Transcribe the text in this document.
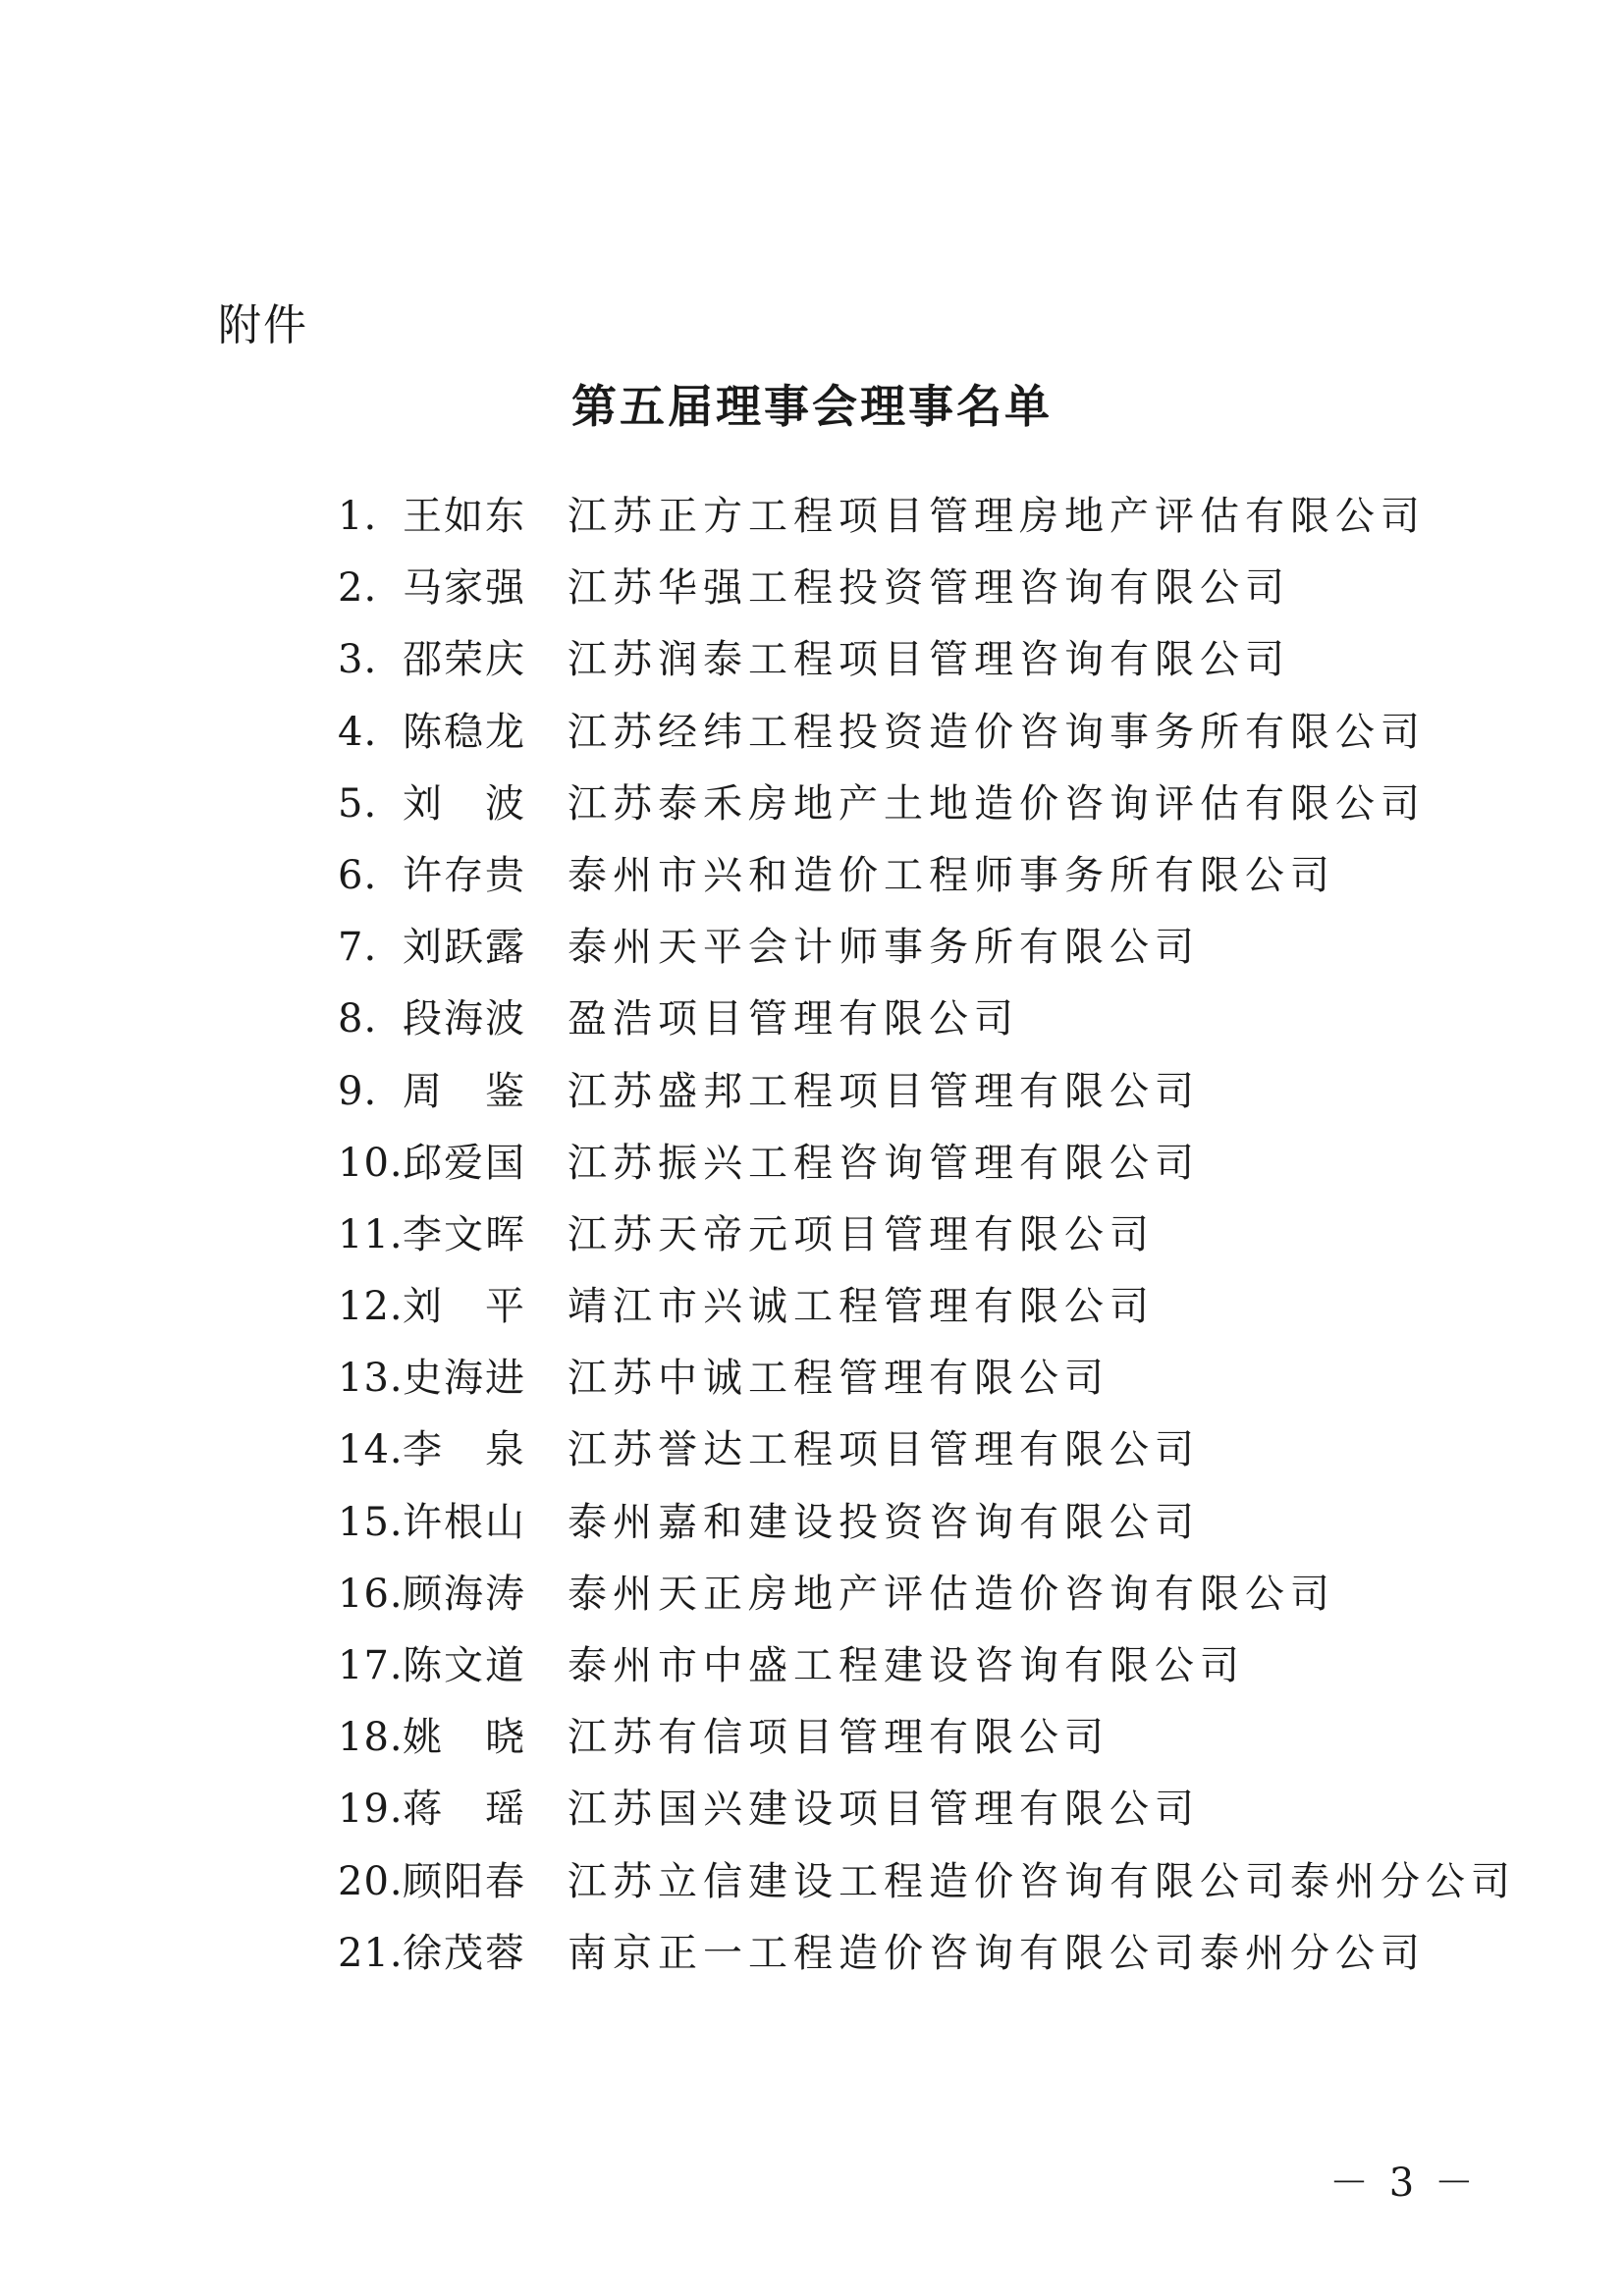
附件

第五届理事会理事名单
1. 王如东 江苏正方工程项目管理房地产评估有限公司
2. 马家强 江苏华强工程投资管理咨询有限公司
3. 邵荣庆 江苏润泰工程项目管理咨询有限公司
4. 陈稳龙 江苏经纬工程投资造价咨询事务所有限公司
5. 刘波 江苏泰禾房地产土地造价咨询评估有限公司
6. 许存贵 泰州市兴和造价工程师事务所有限公司
7. 刘跃露 泰州天平会计师事务所有限公司
8. 段海波 盈浩项目管理有限公司
9. 周鉴 江苏盛邦工程项目管理有限公司
10. 邱爱国 江苏振兴工程咨询管理有限公司
11. 李文晖 江苏天帝元项目管理有限公司
12. 刘平 靖江市兴诚工程管理有限公司
13. 史海进 江苏中诚工程管理有限公司
14. 李泉 江苏誉达工程项目管理有限公司
15. 许根山 泰州嘉和建设投资咨询有限公司
16. 顾海涛 泰州天正房地产评估造价咨询有限公司
17. 陈文道 泰州市中盛工程建设咨询有限公司
18. 姚晓 江苏有信项目管理有限公司
19. 蒋瑶 江苏国兴建设项目管理有限公司
20. 顾阳春 江苏立信建设工程造价咨询有限公司泰州分公司
21. 徐茂蓉 南京正一工程造价咨询有限公司泰州分公司

－ 3 －
